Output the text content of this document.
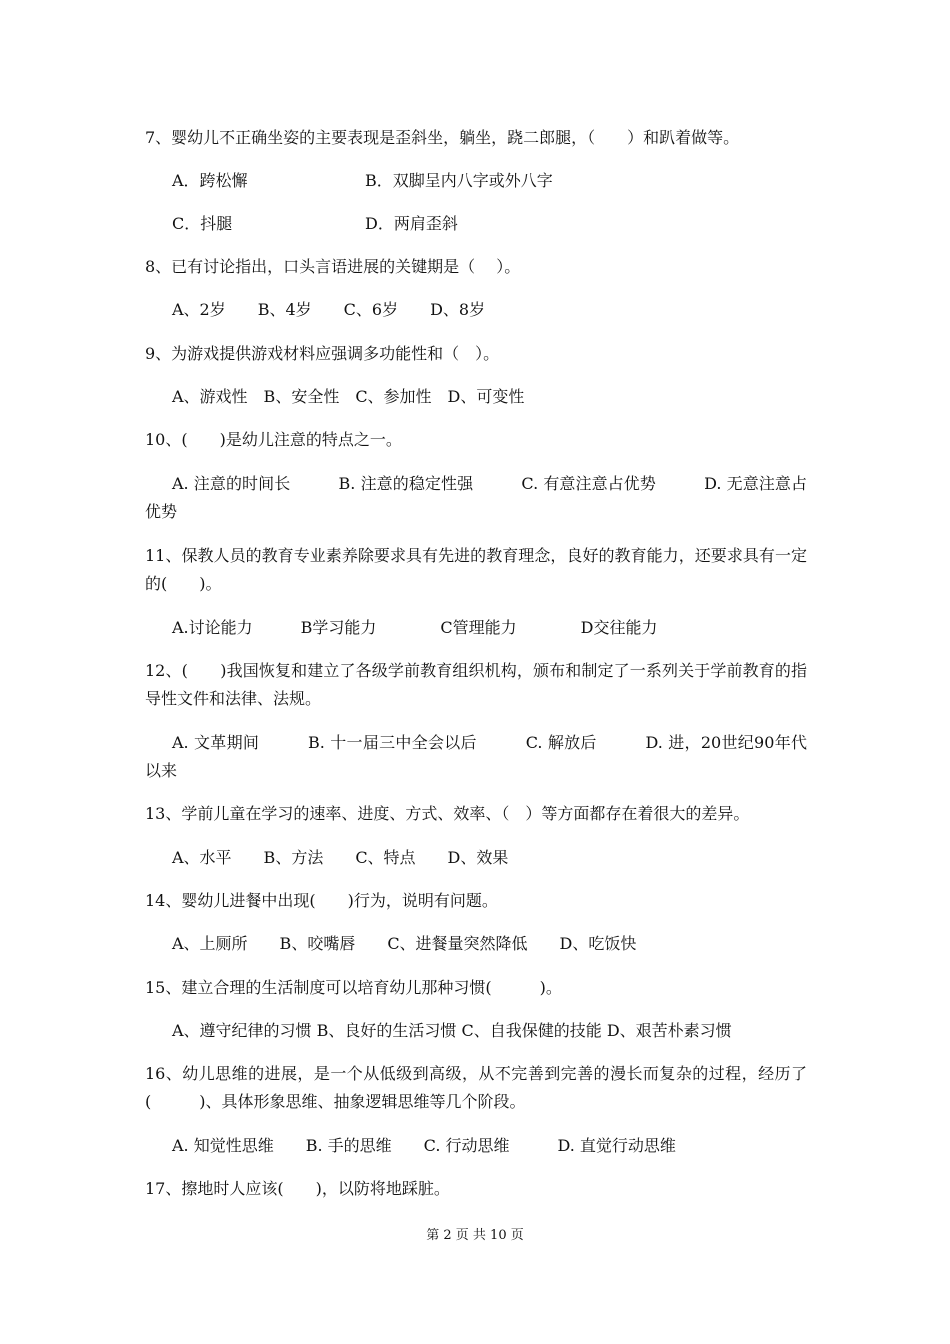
7、婴幼儿不正确坐姿的主要表现是歪斜坐，躺坐，跷二郎腿，（　　）和趴着做等。
A．跨松懈	B．双脚呈内八字或外八字
C．抖腿	D．两肩歪斜
8、已有讨论指出，口头言语进展的关键期是（　 ）。
A、2岁　　B、4岁　　C、6岁　　D、8岁
9、为游戏提供游戏材料应强调多功能性和（　）。
A、游戏性　B、安全性　C、参加性　D、可变性
10、(　　)是幼儿注意的特点之一。
A. 注意的时间长　　　B. 注意的稳定性强　　　C. 有意注意占优势　　　D. 无意注意占优势
11、保教人员的教育专业素养除要求具有先进的教育理念，良好的教育能力，还要求具有一定的(　　)。
A.讨论能力　　　B学习能力　　　　C管理能力　　　　D交往能力
12、(　　)我国恢复和建立了各级学前教育组织机构，颁布和制定了一系列关于学前教育的指导性文件和法律、法规。
A. 文革期间　　　B. 十一届三中全会以后　　　C. 解放后　　　D. 进，20世纪90年代以来
13、学前儿童在学习的速率、进度、方式、效率、（　）等方面都存在着很大的差异。
A、水平　　B、方法　　C、特点　　D、效果
14、婴幼儿进餐中出现(　　)行为，说明有问题。
A、上厕所　　B、咬嘴唇　　C、进餐量突然降低　　D、吃饭快
15、建立合理的生活制度可以培育幼儿那种习惯(　　　)。
A、遵守纪律的习惯 B、良好的生活习惯 C、自我保健的技能 D、艰苦朴素习惯
16、幼儿思维的进展，是一个从低级到高级，从不完善到完善的漫长而复杂的过程，经历了(　　　)、具体形象思维、抽象逻辑思维等几个阶段。
A. 知觉性思维　　B. 手的思维　　C. 行动思维　　　D. 直觉行动思维
17、擦地时人应该(　　)，以防将地踩脏。
第 2 页 共 10 页
